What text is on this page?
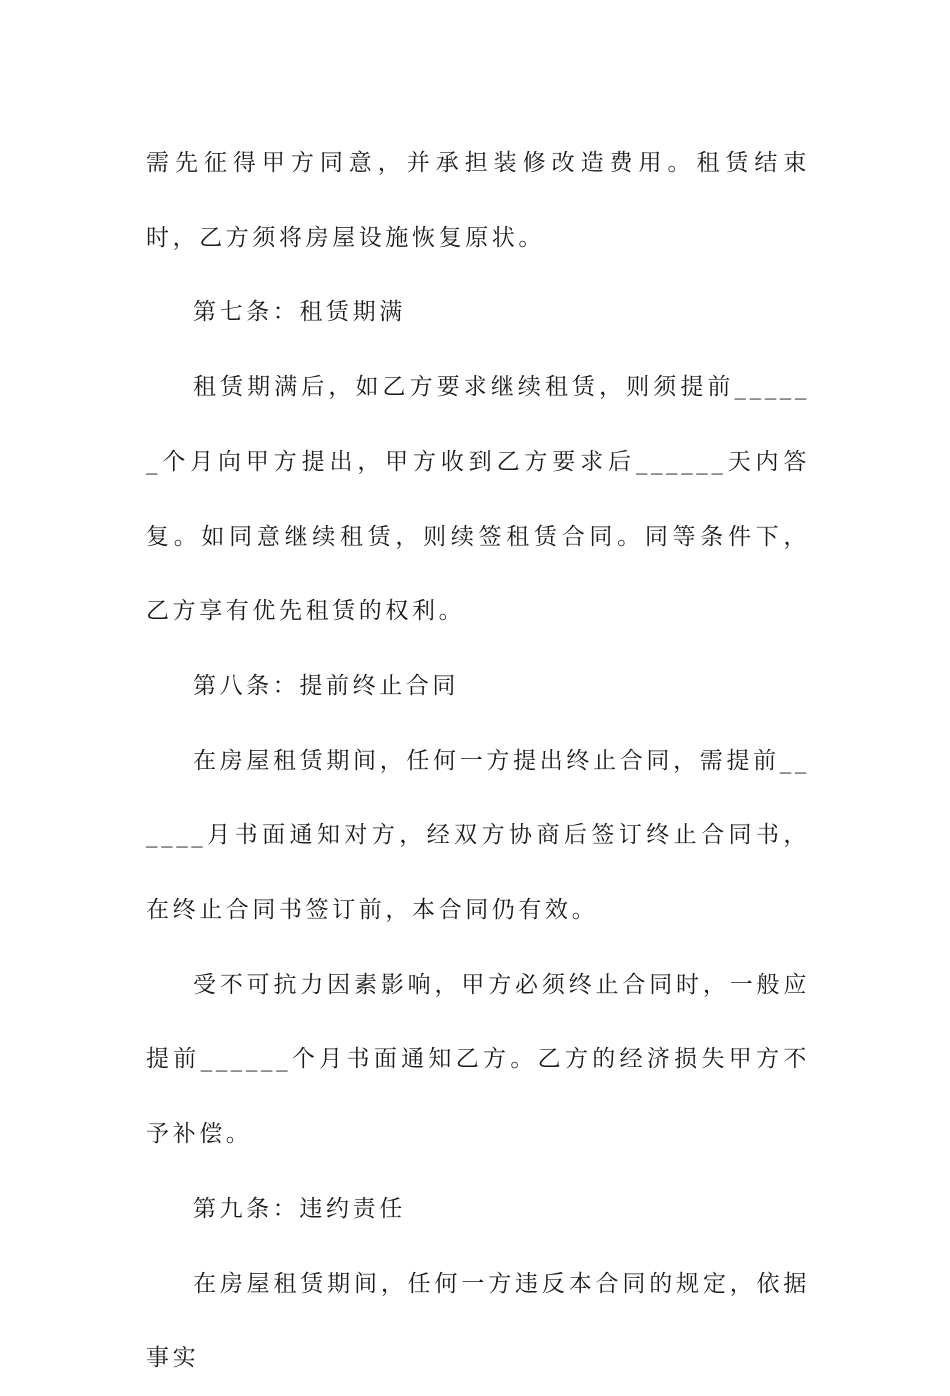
需先征得甲方同意，并承担装修改造费用。租赁结束时，乙方须将房屋设施恢复原状。

第七条：租赁期满

租赁期满后，如乙方要求继续租赁，则须提前______个月向甲方提出，甲方收到乙方要求后______天内答复。如同意继续租赁，则续签租赁合同。同等条件下，乙方享有优先租赁的权利。

第八条：提前终止合同

在房屋租赁期间，任何一方提出终止合同，需提前______月书面通知对方，经双方协商后签订终止合同书，在终止合同书签订前，本合同仍有效。

受不可抗力因素影响，甲方必须终止合同时，一般应提前______个月书面通知乙方。乙方的经济损失甲方不予补偿。

第九条：违约责任

在房屋租赁期间，任何一方违反本合同的规定，依据事实
